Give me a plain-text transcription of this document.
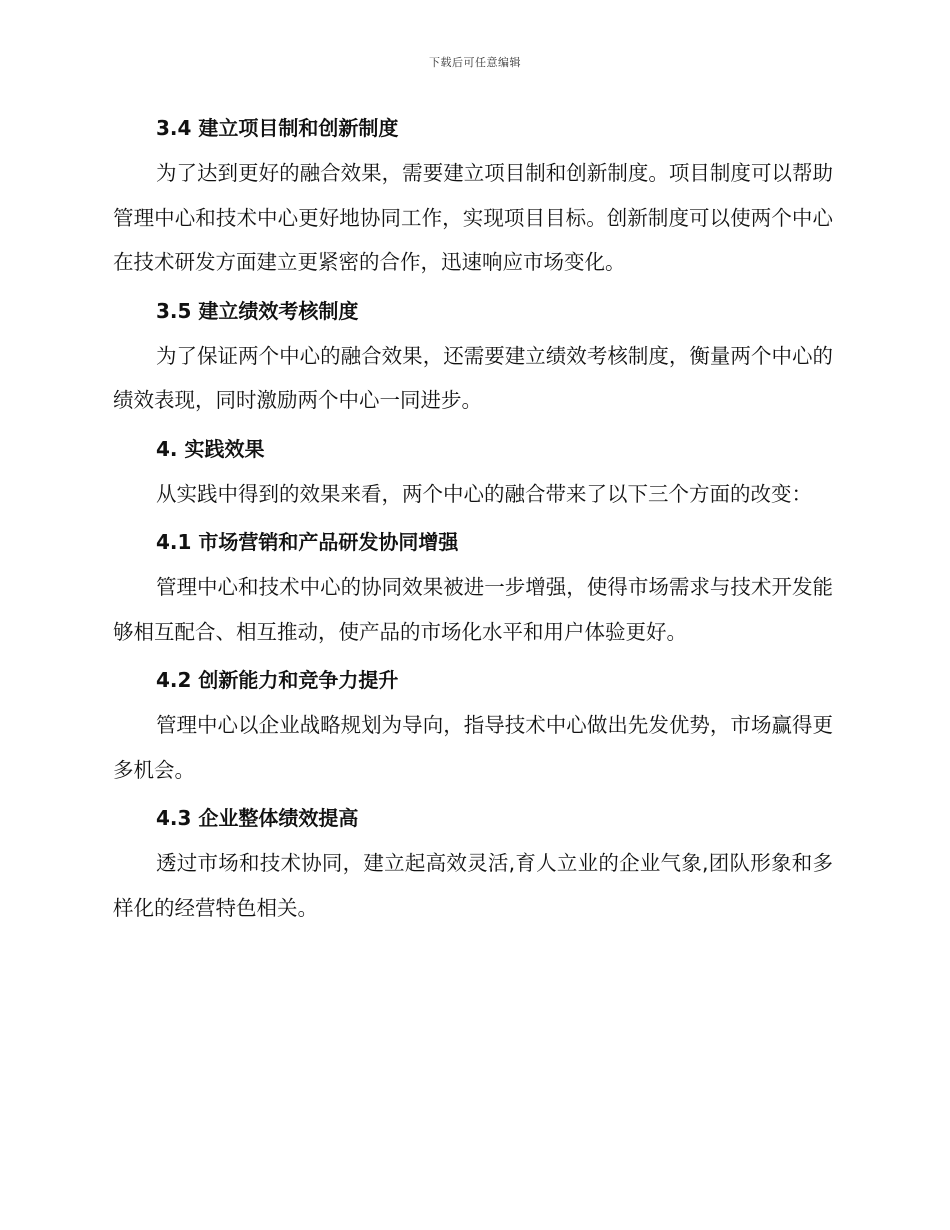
下载后可任意编辑
3.4 建立项目制和创新制度

为了达到更好的融合效果，需要建立项目制和创新制度。项目制度可以帮助管理中心和技术中心更好地协同工作，实现项目目标。创新制度可以使两个中心在技术研发方面建立更紧密的合作，迅速响应市场变化。

3.5 建立绩效考核制度

为了保证两个中心的融合效果，还需要建立绩效考核制度，衡量两个中心的绩效表现，同时激励两个中心一同进步。

4. 实践效果

从实践中得到的效果来看，两个中心的融合带来了以下三个方面的改变：

4.1 市场营销和产品研发协同增强

管理中心和技术中心的协同效果被进一步增强，使得市场需求与技术开发能够相互配合、相互推动，使产品的市场化水平和用户体验更好。

4.2 创新能力和竞争力提升

管理中心以企业战略规划为导向，指导技术中心做出先发优势，市场赢得更多机会。

4.3 企业整体绩效提高

透过市场和技术协同，建立起高效灵活,育人立业的企业气象,团队形象和多样化的经营特色相关。
